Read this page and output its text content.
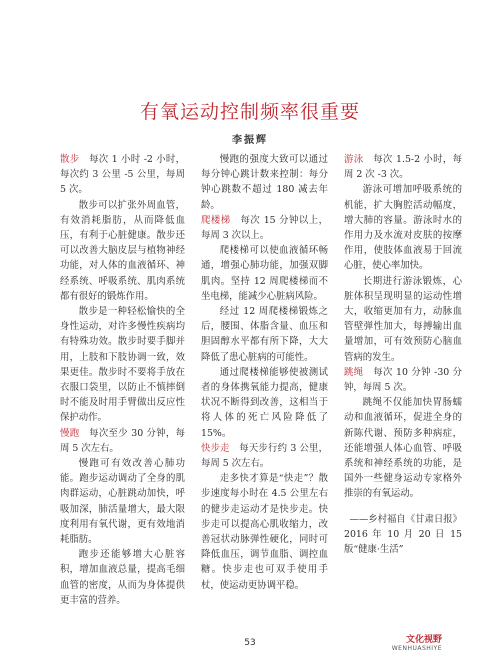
有氧运动控制频率很重要
李振辉

散步　 每次 1 小时 -2 小时，每次约 3 公里 -5 公里，每周 5 次。

散步可以扩张外周血管，有效消耗脂肪，从而降低血压，有利于心脏健康。散步还可以改善大脑皮层与植物神经功能，对人体的血液循环、神经系统、呼吸系统、肌肉系统都有很好的锻炼作用。

散步是一种轻松愉快的全身性运动，对许多慢性疾病均有特殊功效。散步时要手脚并用，上肢和下肢协调一致，效果更佳。散步时不要将手放在衣服口袋里，以防止不慎摔倒时不能及时用手臂做出反应性保护动作。

慢跑　 每次至少 30 分钟，每周 5 次左右。

慢跑可有效改善心肺功能。跑步运动调动了全身的肌肉群运动，心脏跳动加快，呼吸加深，肺活量增大，最大限度利用有氧代谢，更有效地消耗脂肪。

跑步还能够增大心脏容积，增加血液总量，提高毛细血管的密度，从而为身体提供更丰富的营养。

慢跑的强度大致可以通过每分钟心跳计数来控制：每分钟心跳数不超过 180 减去年龄。

爬楼梯　 每次 15 分钟以上，每周 3 次以上。

爬楼梯可以使血液循环畅通，增强心肺功能，加强双脚肌肉。坚持 12 周爬楼梯而不坐电梯，能减少心脏病风险。

经过 12 周爬楼梯锻炼之后，腰围、体脂含量、血压和胆固醇水平都有所下降，大大降低了患心脏病的可能性。

通过爬楼梯能够使被测试者的身体携氧能力提高，健康状况不断得到改善，这相当于将人体的死亡风险降低了 15%。

快步走　 每天步行约 3 公里，每周 5 次左右。

走多快才算是“快走”？散步速度每小时在 4.5 公里左右的健步走运动才是快步走。快步走可以提高心肌收缩力，改善冠状动脉弹性硬化，同时可降低血压，调节血脂、调控血糖。快步走也可双手使用手杖，使运动更协调平稳。

游泳　 每次 1.5-2 小时，每周 2 次 -3 次。

游泳可增加呼吸系统的机能，扩大胸腔活动幅度，增大肺的容量。游泳时水的作用力及水流对皮肤的按摩作用，使肢体血液易于回流心脏，使心率加快。

长期进行游泳锻炼，心脏体积呈现明显的运动性增大，收缩更加有力，动脉血管壁弹性加大，每搏输出血量增加，可有效预防心脑血管病的发生。

跳绳　 每次 10 分钟 -30 分钟，每周 5 次。

跳绳不仅能加快胃肠蠕动和血液循环，促进全身的新陈代谢、预防多种病症，还能增强人体心血管、呼吸系统和神经系统的功能，是国外一些健身运动专家格外推崇的有氧运动。

——乡村福自《甘肃日报》

2016 年 10 月 20 日 15 版“健康·生活”

53	文化视野
WENHUASHIYE
